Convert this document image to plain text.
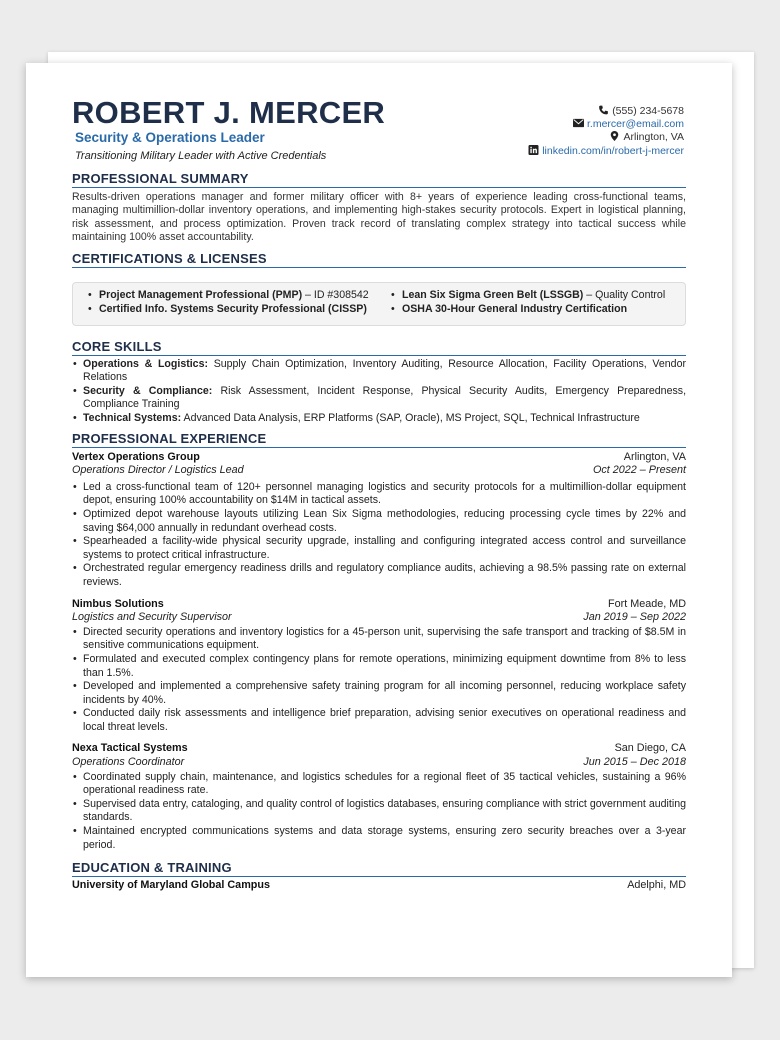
ROBERT J. MERCER
Security & Operations Leader
Transitioning Military Leader with Active Credentials
(555) 234-5678
r.mercer@email.com
Arlington, VA
linkedin.com/in/robert-j-mercer
PROFESSIONAL SUMMARY

Results-driven operations manager and former military officer with 8+ years of experience leading cross-functional teams, managing multimillion-dollar inventory operations, and implementing high-stakes security protocols. Expert in logistical planning, risk assessment, and process optimization. Proven track record of translating complex strategy into tactical success while maintaining 100% asset accountability.

CERTIFICATIONS & LICENSES
• Project Management Professional (PMP) – ID #308542
• Certified Info. Systems Security Professional (CISSP)
• Lean Six Sigma Green Belt (LSSGB) – Quality Control
• OSHA 30-Hour General Industry Certification
CORE SKILLS
• Operations & Logistics: Supply Chain Optimization, Inventory Auditing, Resource Allocation, Facility Operations, Vendor Relations
• Security & Compliance: Risk Assessment, Incident Response, Physical Security Audits, Emergency Preparedness, Compliance Training
• Technical Systems: Advanced Data Analysis, ERP Platforms (SAP, Oracle), MS Project, SQL, Technical Infrastructure
PROFESSIONAL EXPERIENCE
Vertex Operations Group	Arlington, VA
Operations Director / Logistics Lead	Oct 2022 – Present
• Led a cross-functional team of 120+ personnel managing logistics and security protocols for a multimillion-dollar equipment depot, ensuring 100% accountability on $14M in tactical assets.
• Optimized depot warehouse layouts utilizing Lean Six Sigma methodologies, reducing processing cycle times by 22% and saving $64,000 annually in redundant overhead costs.
• Spearheaded a facility-wide physical security upgrade, installing and configuring integrated access control and surveillance systems to protect critical infrastructure.
• Orchestrated regular emergency readiness drills and regulatory compliance audits, achieving a 98.5% passing rate on external reviews.
Nimbus Solutions	Fort Meade, MD
Logistics and Security Supervisor	Jan 2019 – Sep 2022
• Directed security operations and inventory logistics for a 45-person unit, supervising the safe transport and tracking of $8.5M in sensitive communications equipment.
• Formulated and executed complex contingency plans for remote operations, minimizing equipment downtime from 8% to less than 1.5%.
• Developed and implemented a comprehensive safety training program for all incoming personnel, reducing workplace safety incidents by 40%.
• Conducted daily risk assessments and intelligence brief preparation, advising senior executives on operational readiness and local threat levels.
Nexa Tactical Systems	San Diego, CA
Operations Coordinator	Jun 2015 – Dec 2018
• Coordinated supply chain, maintenance, and logistics schedules for a regional fleet of 35 tactical vehicles, sustaining a 96% operational readiness rate.
• Supervised data entry, cataloging, and quality control of logistics databases, ensuring compliance with strict government auditing standards.
• Maintained encrypted communications systems and data storage systems, ensuring zero security breaches over a 3-year period.
EDUCATION & TRAINING
University of Maryland Global Campus	Adelphi, MD
